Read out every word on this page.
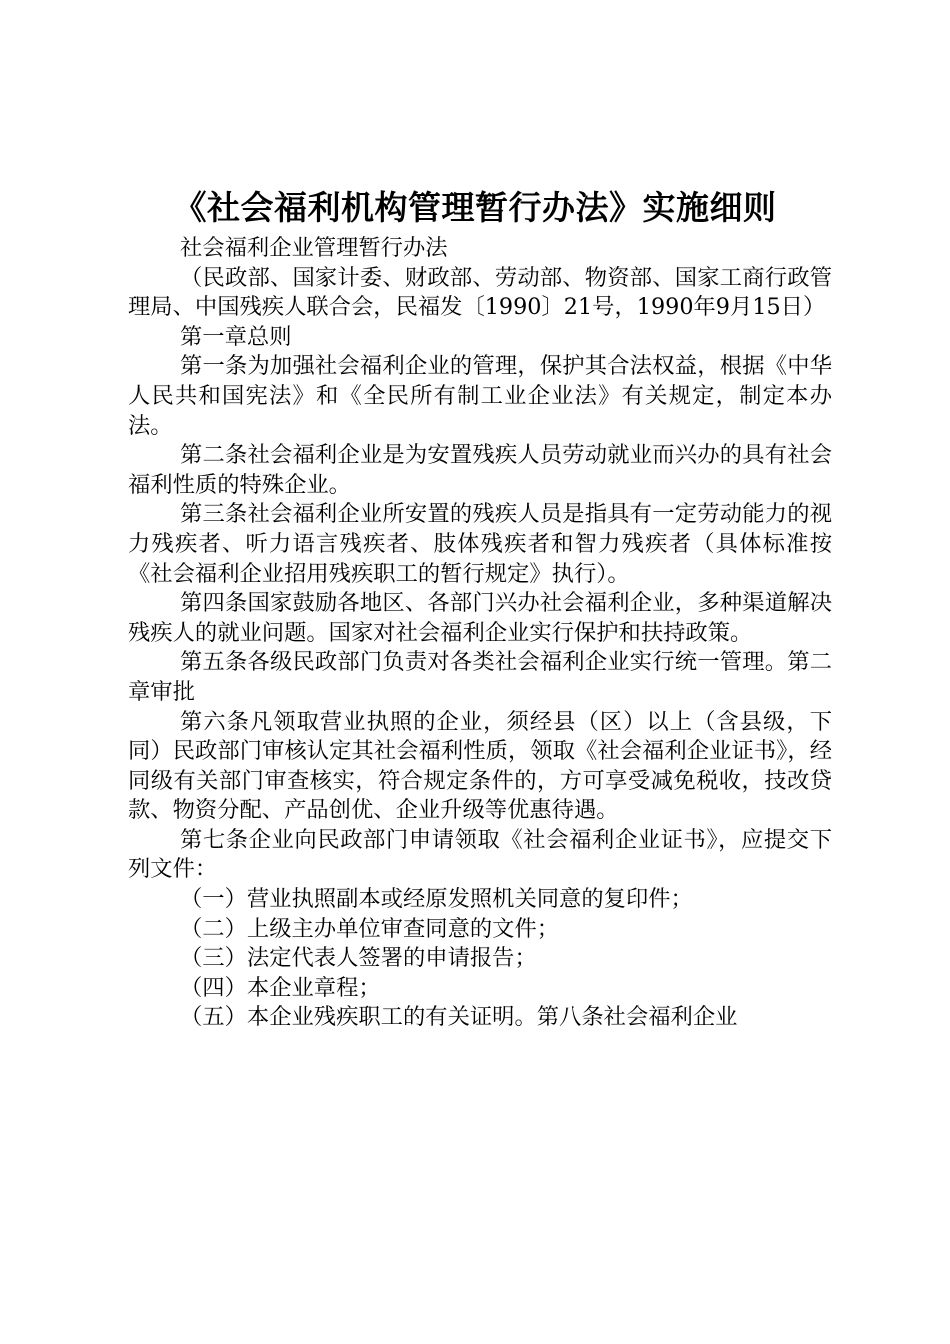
《社会福利机构管理暂行办法》实施细则

社会福利企业管理暂行办法

（民政部、国家计委、财政部、劳动部、物资部、国家工商行政管理局、中国残疾人联合会，民福发〔1990〕21号，1990年9月15日）

第一章总则

第一条为加强社会福利企业的管理，保护其合法权益，根据《中华人民共和国宪法》和《全民所有制工业企业法》有关规定，制定本办法。

第二条社会福利企业是为安置残疾人员劳动就业而兴办的具有社会福利性质的特殊企业。

第三条社会福利企业所安置的残疾人员是指具有一定劳动能力的视力残疾者、听力语言残疾者、肢体残疾者和智力残疾者（具体标准按《社会福利企业招用残疾职工的暂行规定》执行）。

第四条国家鼓励各地区、各部门兴办社会福利企业，多种渠道解决残疾人的就业问题。国家对社会福利企业实行保护和扶持政策。

第五条各级民政部门负责对各类社会福利企业实行统一管理。第二章审批

第六条凡领取营业执照的企业，须经县（区）以上（含县级，下同）民政部门审核认定其社会福利性质，领取《社会福利企业证书》，经同级有关部门审查核实，符合规定条件的，方可享受减免税收，技改贷款、物资分配、产品创优、企业升级等优惠待遇。

第七条企业向民政部门申请领取《社会福利企业证书》，应提交下列文件：

（一）营业执照副本或经原发照机关同意的复印件；

（二）上级主办单位审查同意的文件；

（三）法定代表人签署的申请报告；

（四）本企业章程；

（五）本企业残疾职工的有关证明。第八条社会福利企业
